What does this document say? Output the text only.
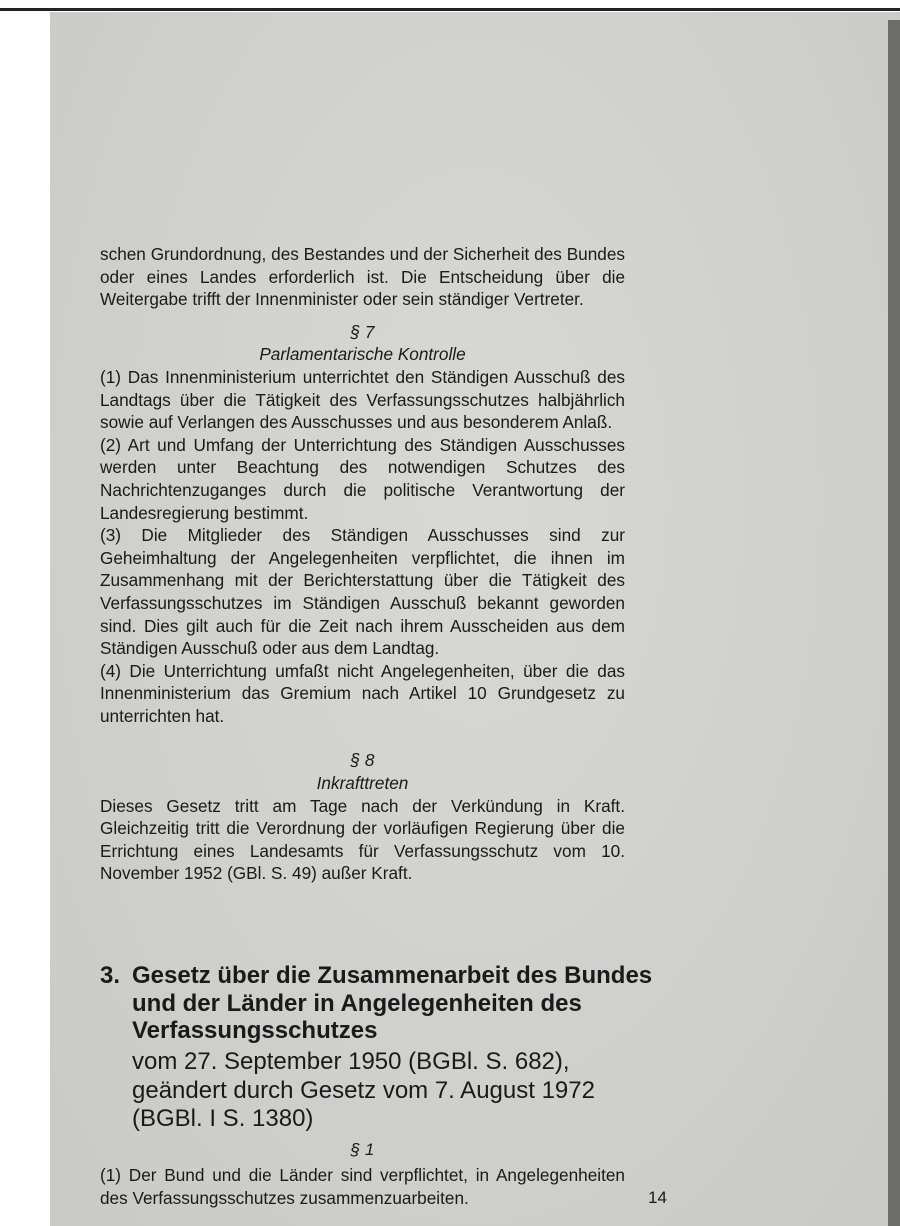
schen Grundordnung, des Bestandes und der Sicherheit des Bundes oder eines Landes erforderlich ist. Die Entscheidung über die Weitergabe trifft der Innenminister oder sein ständiger Vertreter.

§ 7

Parlamentarische Kontrolle

(1) Das Innenministerium unterrichtet den Ständigen Ausschuß des Landtags über die Tätigkeit des Verfassungsschutzes halbjährlich sowie auf Verlangen des Ausschusses und aus besonderem Anlaß.

(2) Art und Umfang der Unterrichtung des Ständigen Ausschusses werden unter Beachtung des notwendigen Schutzes des Nachrichtenzuganges durch die politische Verantwortung der Landesregierung bestimmt.

(3) Die Mitglieder des Ständigen Ausschusses sind zur Geheimhaltung der Angelegenheiten verpflichtet, die ihnen im Zusammenhang mit der Berichterstattung über die Tätigkeit des Verfassungsschutzes im Ständigen Ausschuß bekannt geworden sind. Dies gilt auch für die Zeit nach ihrem Ausscheiden aus dem Ständigen Ausschuß oder aus dem Landtag.

(4) Die Unterrichtung umfaßt nicht Angelegenheiten, über die das Innenministerium das Gremium nach Artikel 10 Grundgesetz zu unterrichten hat.

§ 8

Inkrafttreten

Dieses Gesetz tritt am Tage nach der Verkündung in Kraft. Gleichzeitig tritt die Verordnung der vorläufigen Regierung über die Errichtung eines Landesamts für Verfassungsschutz vom 10. November 1952 (GBl. S. 49) außer Kraft.

3. Gesetz über die Zusammenarbeit des Bundes und der Länder in Angelegenheiten des Verfassungsschutzes
vom 27. September 1950 (BGBl. S. 682), geändert durch Gesetz vom 7. August 1972 (BGBl. I S. 1380)
§ 1
(1) Der Bund und die Länder sind verpflichtet, in Angelegenheiten des Verfassungsschutzes zusammenzuarbeiten.	14
